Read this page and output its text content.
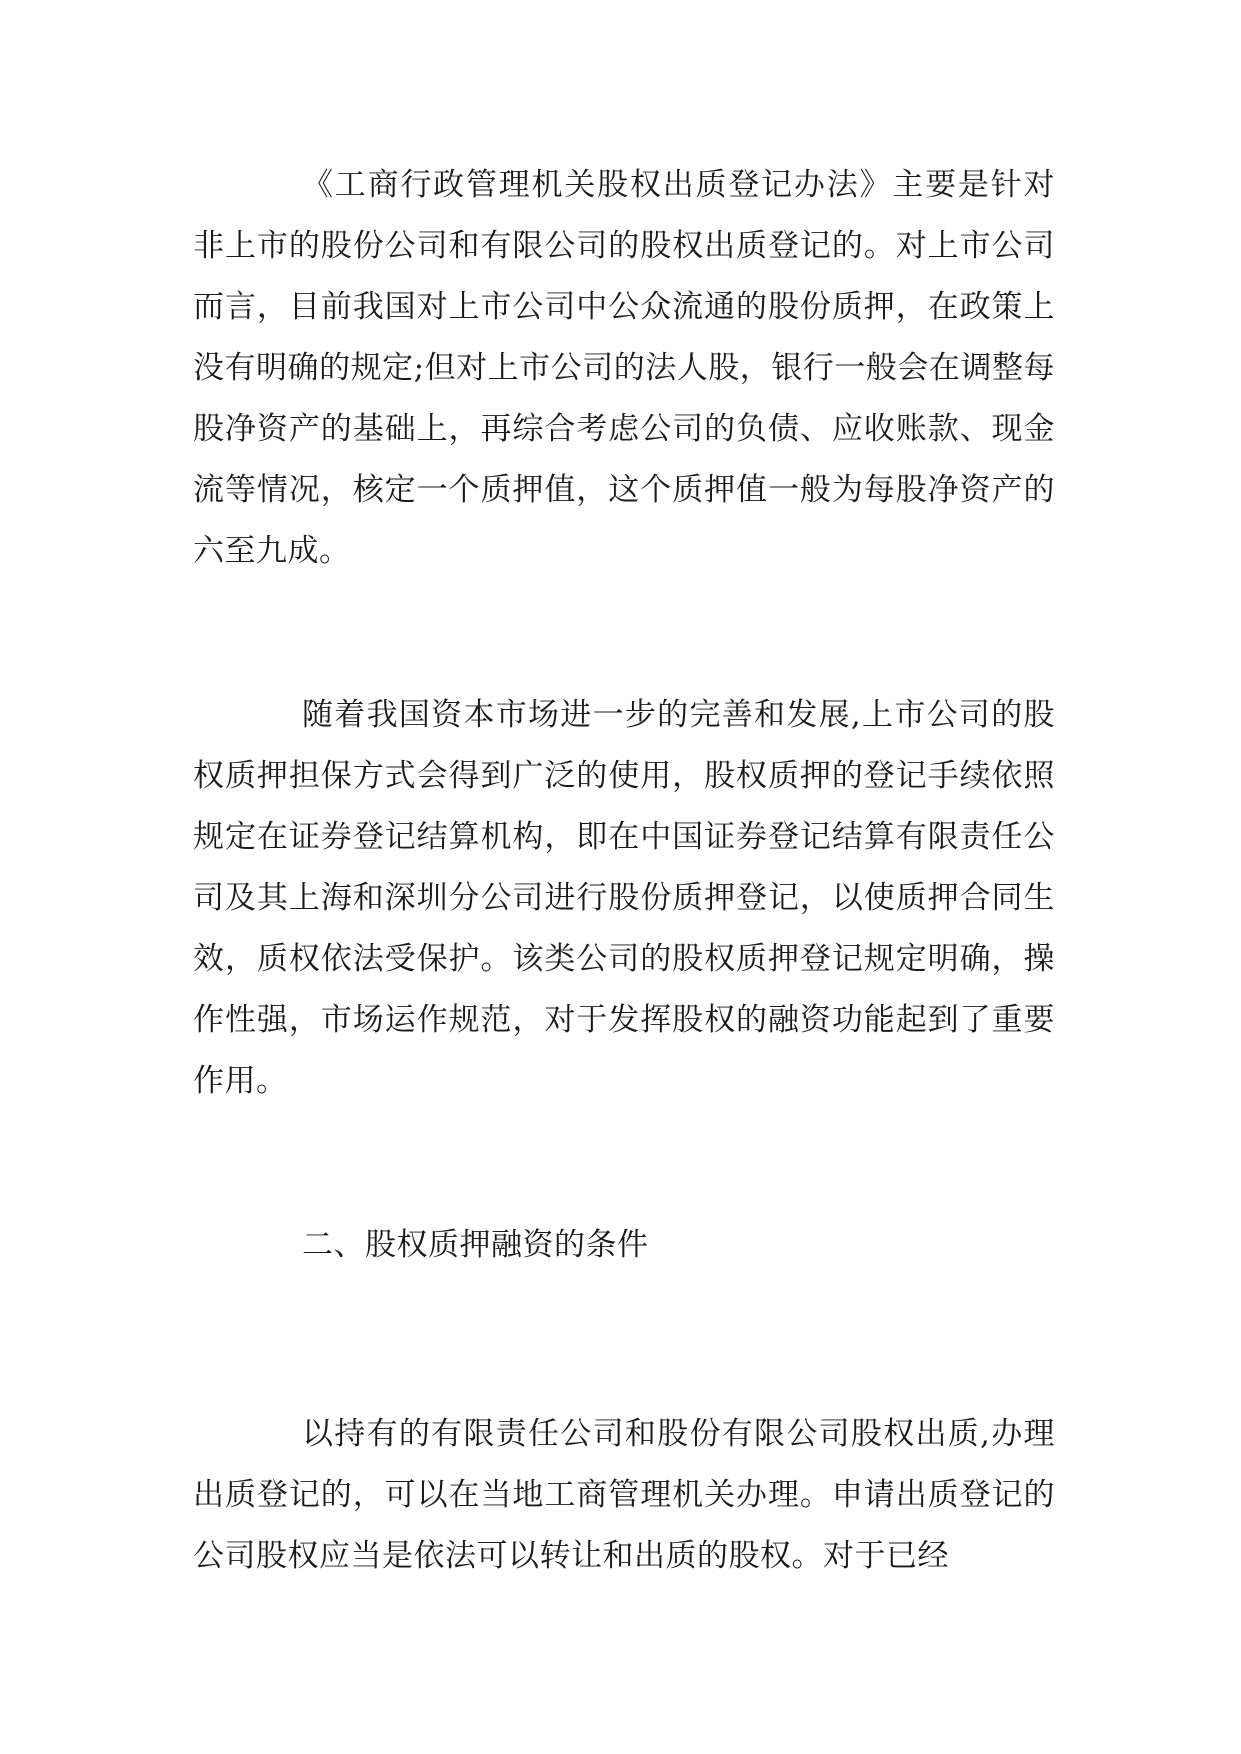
《工商行政管理机关股权出质登记办法》主要是针对非上市的股份公司和有限公司的股权出质登记的。对上市公司而言，目前我国对上市公司中公众流通的股份质押，在政策上没有明确的规定;但对上市公司的法人股，银行一般会在调整每股净资产的基础上，再综合考虑公司的负债、应收账款、现金流等情况，核定一个质押值，这个质押值一般为每股净资产的六至九成。

随着我国资本市场进一步的完善和发展,上市公司的股权质押担保方式会得到广泛的使用，股权质押的登记手续依照规定在证券登记结算机构，即在中国证券登记结算有限责任公司及其上海和深圳分公司进行股份质押登记，以使质押合同生效，质权依法受保护。该类公司的股权质押登记规定明确，操作性强，市场运作规范，对于发挥股权的融资功能起到了重要作用。

二、股权质押融资的条件

以持有的有限责任公司和股份有限公司股权出质,办理出质登记的，可以在当地工商管理机关办理。申请出质登记的公司股权应当是依法可以转让和出质的股权。对于已经
